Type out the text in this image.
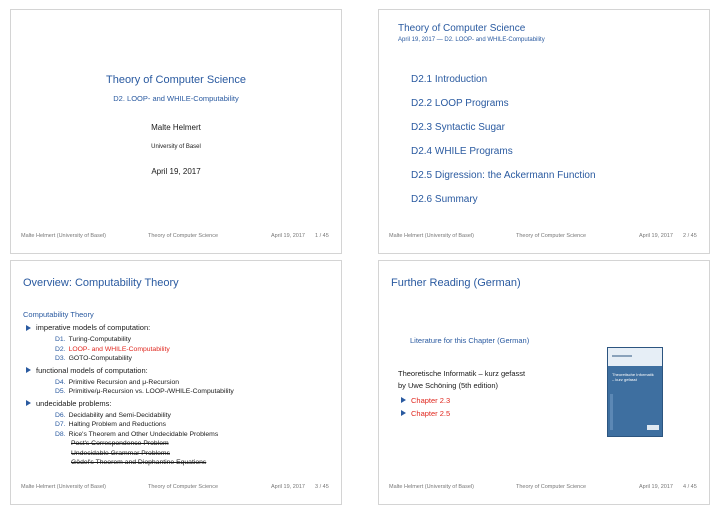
Theory of Computer Science
D2. LOOP- and WHILE-Computability
Malte Helmert
University of Basel
April 19, 2017
Malte Helmert (University of Basel)	Theory of Computer Science	April 19, 2017 1 / 45
Theory of Computer Science
April 19, 2017 — D2. LOOP- and WHILE-Computability
D2.1 Introduction
D2.2 LOOP Programs
D2.3 Syntactic Sugar
D2.4 WHILE Programs
D2.5 Digression: the Ackermann Function
D2.6 Summary
Malte Helmert (University of Basel)	Theory of Computer Science	April 19, 2017 2 / 45
Overview: Computability Theory
Computability Theory
imperative models of computation:
D1. Turing-Computability
D2. LOOP- and WHILE-Computability
D3. GOTO-Computability
functional models of computation:
D4. Primitive Recursion and μ-Recursion
D5. Primitive/μ-Recursion vs. LOOP-/WHILE-Computability
undecidable problems:
D6. Decidability and Semi-Decidability
D7. Halting Problem and Reductions
D8. Rice's Theorem and Other Undecidable Problems
Post's Correspondence Problem
Undecidable Grammar Problems
Gödel's Theorem and Diophantine Equations
Malte Helmert (University of Basel)	Theory of Computer Science	April 19, 2017 3 / 45
Further Reading (German)
Literature for this Chapter (German)
Theoretische Informatik – kurz gefasst
by Uwe Schöning (5th edition)
Chapter 2.3
Chapter 2.5
Theoretische Informatik
– kurz gefasst
Malte Helmert (University of Basel)	Theory of Computer Science	April 19, 2017 4 / 45
